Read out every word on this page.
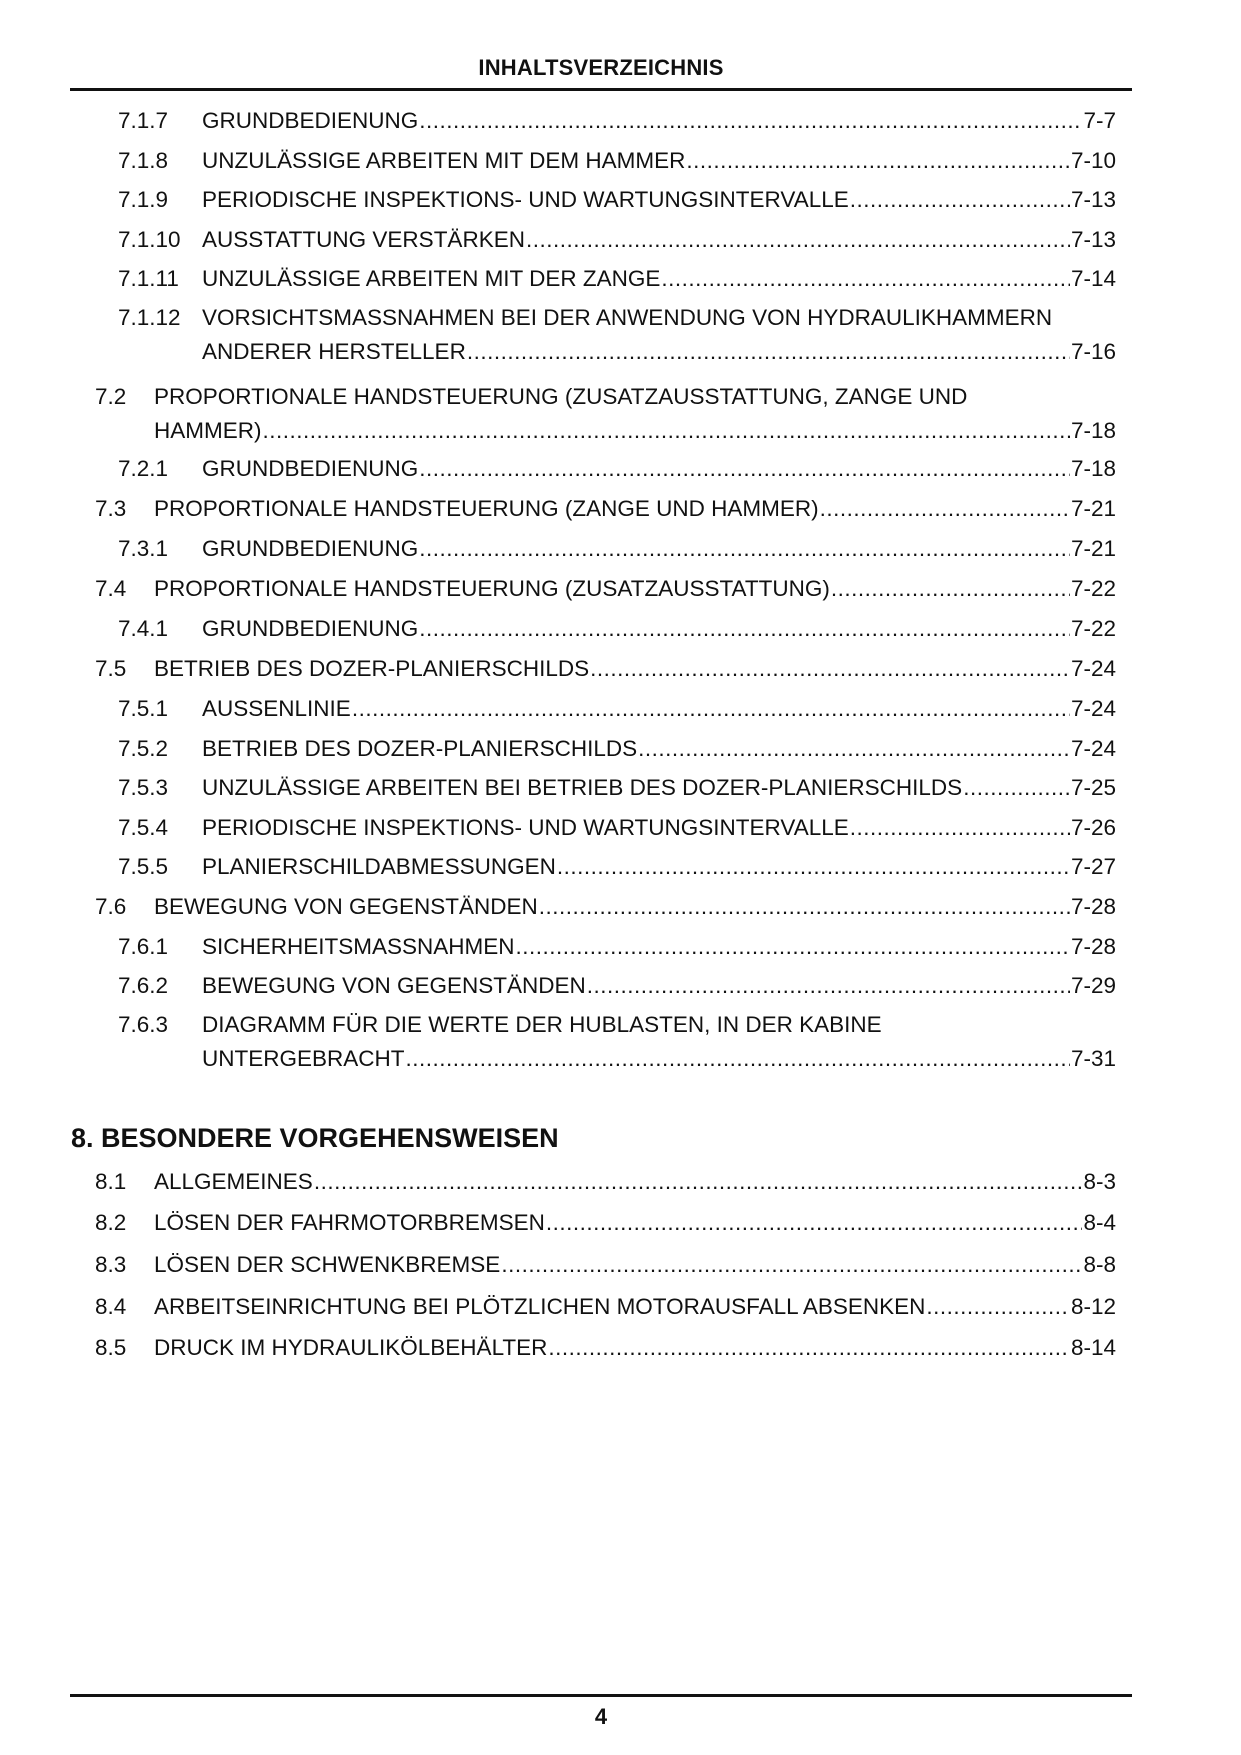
INHALTSVERZEICHNIS
7.1.7 GRUNDBEDIENUNG .....	7-7
7.1.8 UNZULÄSSIGE ARBEITEN MIT DEM HAMMER .....	7-10
7.1.9 PERIODISCHE INSPEKTIONS- UND WARTUNGSINTERVALLE .....	7-13
7.1.10 AUSSTATTUNG VERSTÄRKEN .....	7-13
7.1.11 UNZULÄSSIGE ARBEITEN MIT DER ZANGE .....	7-14
7.1.12 VORSICHTSMASSNAHMEN BEI DER ANWENDUNG VON HYDRAULIKHAMMERN
ANDERER HERSTELLER .....	7-16
7.2 PROPORTIONALE HANDSTEUERUNG (ZUSATZAUSSTATTUNG, ZANGE UND
HAMMER) .....	7-18
7.2.1 GRUNDBEDIENUNG .....	7-18
7.3 PROPORTIONALE HANDSTEUERUNG (ZANGE UND HAMMER) .....	7-21
7.3.1 GRUNDBEDIENUNG .....	7-21
7.4 PROPORTIONALE HANDSTEUERUNG (ZUSATZAUSSTATTUNG) .....	7-22
7.4.1 GRUNDBEDIENUNG .....	7-22
7.5 BETRIEB DES DOZER-PLANIERSCHILDS .....	7-24
7.5.1 AUSSENLINIE .....	7-24
7.5.2 BETRIEB DES DOZER-PLANIERSCHILDS .....	7-24
7.5.3 UNZULÄSSIGE ARBEITEN BEI BETRIEB DES DOZER-PLANIERSCHILDS .....	7-25
7.5.4 PERIODISCHE INSPEKTIONS- UND WARTUNGSINTERVALLE .....	7-26
7.5.5 PLANIERSCHILDABMESSUNGEN .....	7-27
7.6 BEWEGUNG VON GEGENSTÄNDEN .....	7-28
7.6.1 SICHERHEITSMASSNAHMEN .....	7-28
7.6.2 BEWEGUNG VON GEGENSTÄNDEN .....	7-29
7.6.3 DIAGRAMM FÜR DIE WERTE DER HUBLASTEN, IN DER KABINE
UNTERGEBRACHT .....	7-31
8.1 ALLGEMEINES .....	8-3
8.2 LÖSEN DER FAHRMOTORBREMSEN .....	8-4
8.3 LÖSEN DER SCHWENKBREMSE .....	8-8
8.4 ARBEITSEINRICHTUNG BEI PLÖTZLICHEN MOTORAUSFALL ABSENKEN .....	8-12
8.5 DRUCK IM HYDRAULIKÖLBEHÄLTER .....	8-14
8. BESONDERE VORGEHENSWEISEN
4
